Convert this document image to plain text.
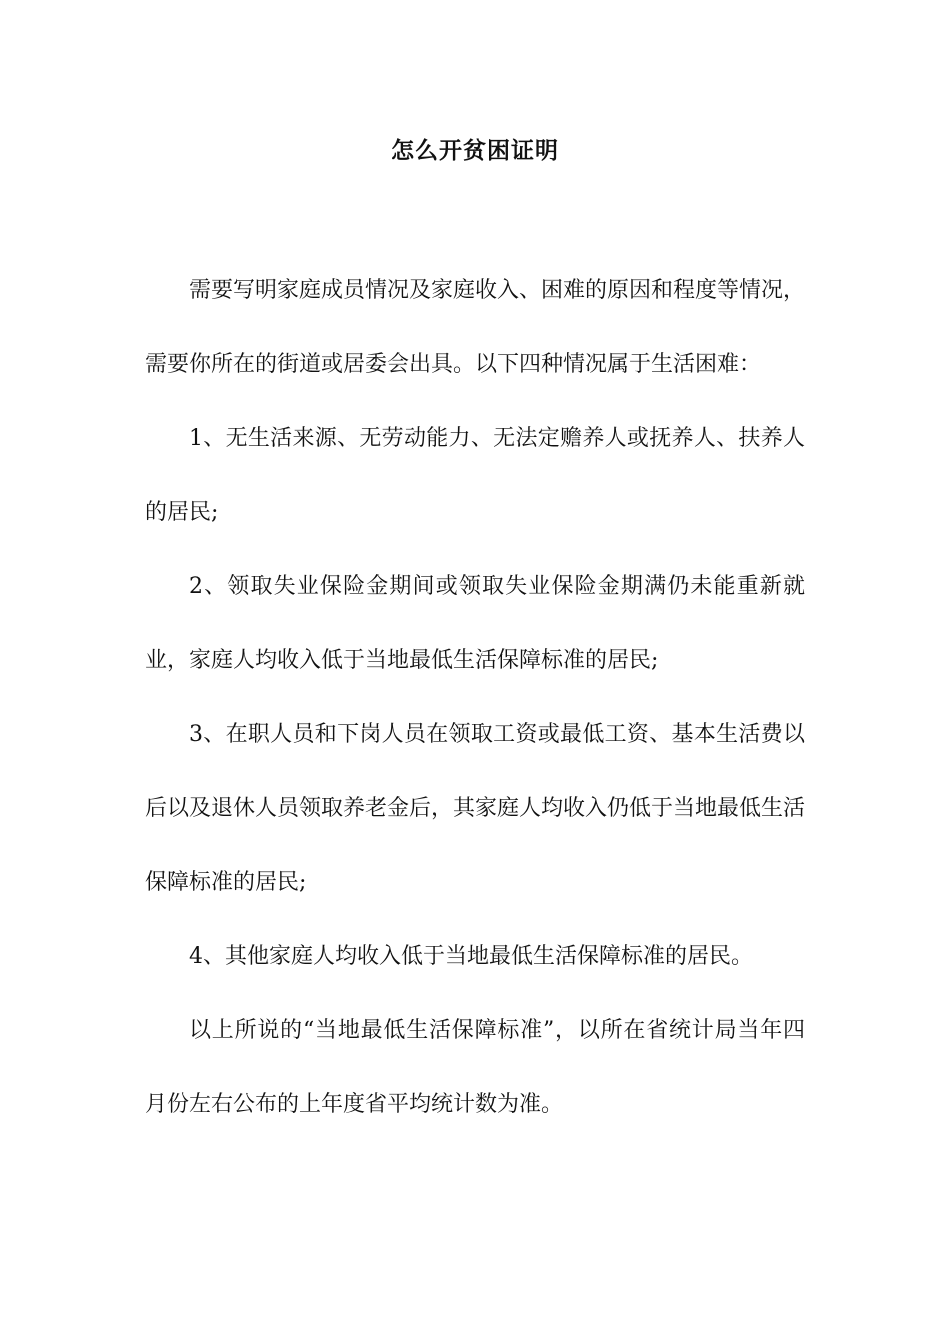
怎么开贫困证明

需要写明家庭成员情况及家庭收入、困难的原因和程度等情况，需要你所在的街道或居委会出具。以下四种情况属于生活困难：

1、无生活来源、无劳动能力、无法定赡养人或抚养人、扶养人的居民;

2、领取失业保险金期间或领取失业保险金期满仍未能重新就业，家庭人均收入低于当地最低生活保障标准的居民;

3、在职人员和下岗人员在领取工资或最低工资、基本生活费以后以及退休人员领取养老金后，其家庭人均收入仍低于当地最低生活保障标准的居民;

4、其他家庭人均收入低于当地最低生活保障标准的居民。

以上所说的“当地最低生活保障标准”，以所在省统计局当年四月份左右公布的上年度省平均统计数为准。
